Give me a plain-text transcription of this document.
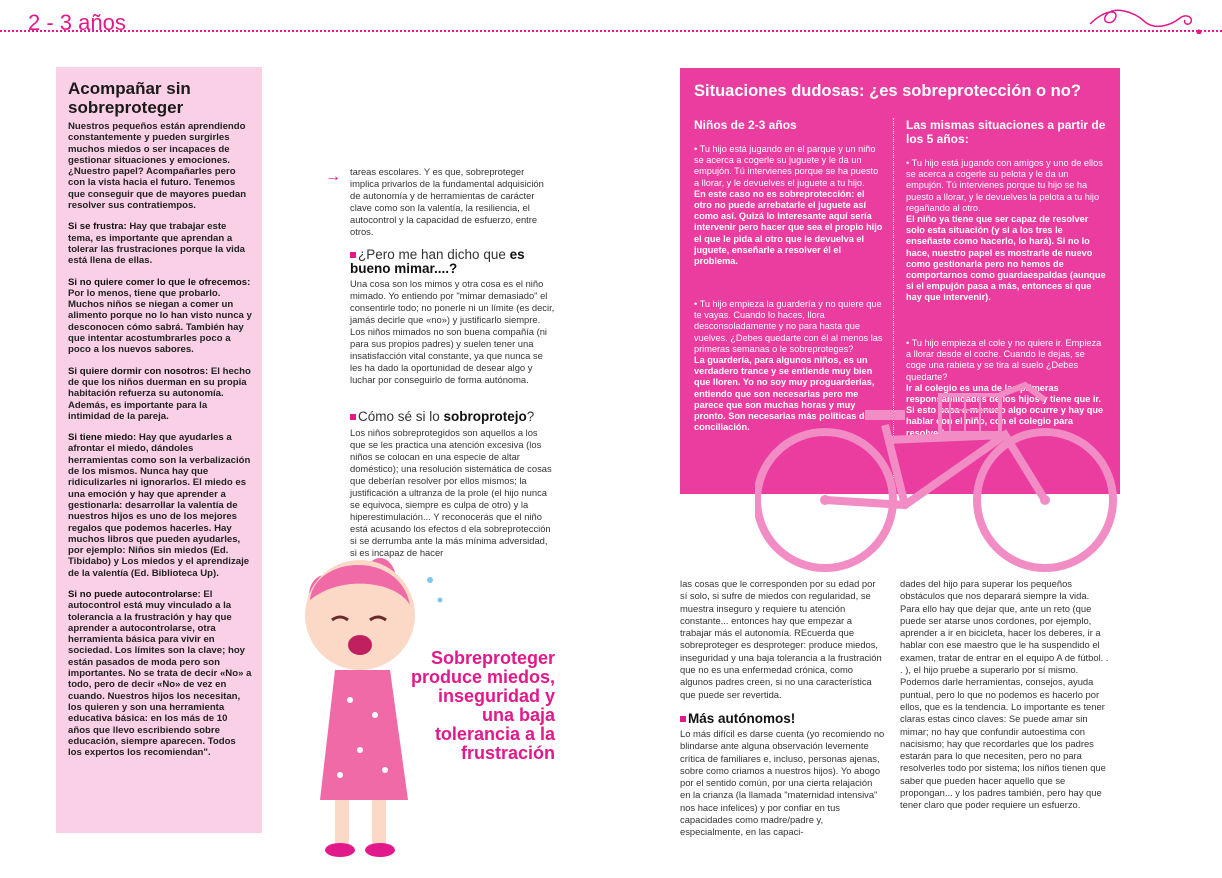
2 - 3 años
Acompañar sin sobreproteger

Nuestros pequeños están aprendiendo constantemente y pueden surgirles muchos miedos o ser incapaces de gestionar situaciones y emociones. ¿Nuestro papel? Acompañarles pero con la vista hacia el futuro. Tenemos que conseguir que de mayores puedan resolver sus contratiempos.

Si se frustra: Hay que trabajar este tema, es importante que aprendan a tolerar las frustraciones porque la vida está llena de ellas.

Si no quiere comer lo que le ofrecemos: Por lo menos, tiene que probarlo. Muchos niños se niegan a comer un alimento porque no lo han visto nunca y desconocen cómo sabrá. También hay que intentar acostumbrarles poco a poco a los nuevos sabores.

Si quiere dormir con nosotros: El hecho de que los niños duerman en su propia habitación refuerza su autonomía. Además, es importante para la intimidad de la pareja.

Si tiene miedo: Hay que ayudarles a afrontar el miedo, dándoles herramientas como son la verbalización de los mismos. Nunca hay que ridiculizarles ni ignorarlos. El miedo es una emoción y hay que aprender a gestionarla: desarrollar la valentía de nuestros hijos es uno de los mejores regalos que podemos hacerles. Hay muchos libros que pueden ayudarles, por ejemplo: Niños sin miedos (Ed. Tibidabo) y Los miedos y el aprendizaje de la valentía (Ed. Biblioteca Up).

Si no puede autocontrolarse: El autocontrol está muy vinculado a la tolerancia a la frustración y hay que aprender a autocontrolarse, otra herramienta básica para vivir en sociedad. Los límites son la clave; hoy están pasados de moda pero son importantes. No se trata de decir «No» a todo, pero de decir «No» de vez en cuando. Nuestros hijos los necesitan, los quieren y son una herramienta educativa básica: en los más de 10 años que llevo escribiendo sobre educación, siempre aparecen. Todos los expertos los recomiendan".

→ tareas escolares. Y es que, sobreproteger implica privarlos de la fundamental adquisición de autonomía y de herramientas de carácter clave como son la valentía, la resiliencia, el autocontrol y la capacidad de esfuerzo, entre otros.
¿Pero me han dicho que es bueno mimar....?
Una cosa son los mimos y otra cosa es el niño mimado. Yo entiendo por "mimar demasiado" el consentirle todo; no ponerle ni un límite (es decir, jamás decirle que «no») y justificarlo siempre. Los niños mimados no son buena compañía (ni para sus propios padres) y suelen tener una insatisfacción vital constante, ya que nunca se les ha dado la oportunidad de desear algo y luchar por conseguirlo de forma autónoma.
Cómo sé si lo sobroprotejo?
Los niños sobreprotegidos son aquellos a los que se les practica una atención excesiva (los niños se colocan en una especie de altar doméstico); una resolución sistemática de cosas que deberían resolver por ellos mismos; la justificación a ultranza de la prole (el hijo nunca se equivoca, siempre es culpa de otro) y la hiperestimulación... Y reconocerás que el niño está acusando los efectos d ela sobreprotección si se derrumba ante la más mínima adversidad, si es incapaz de hacer
Sobreproteger produce miedos, inseguridad y una baja tolerancia a la frustración
Situaciones dudosas: ¿es sobreprotección o no?
Niños de 2-3 años	Las mismas situaciones a partir de los 5 años:
• Tu hijo está jugando en el parque y un niño se acerca a cogerle su juguete y le da un empujón. Tú intervienes porque se ha puesto a llorar, y le devuelves el juguete a tu hijo.
En este caso no es sobreprotección: el otro no puede arrebatarle el juguete así como así. Quizá lo interesante aquí sería intervenir pero hacer que sea el propio hijo el que le pida al otro que le devuelva el juguete, enseñarle a resolver él el problema.
• Tu hijo empieza la guardería y no quiere que te vayas. Cuando lo haces, llora desconsoladamente y no para hasta que vuelves. ¿Debes quedarte con él al menos las primeras semanas o le sobreproteges?
La guardería, para algunos niños, es un verdadero trance y se entiende muy bien que lloren. Yo no soy muy proguarderías, entiendo que son necesarias pero me parece que son muchas horas y muy pronto. Son necesarias más políticas de conciliación.
• Tu hijo está jugando con amigos y uno de ellos se acerca a cogerle su pelota y le da un empujón. Tú intervienes porque tu hijo se ha puesto a llorar, y le devuelves la pelota a tu hijo regañando al otro.
El niño ya tiene que ser capaz de resolver solo esta situación (y si a los tres le enseñaste como hacerlo, lo hará). Si no lo hace, nuestro papel es mostrarle de nuevo como gestionarla pero no hemos de comportarnos como guardaespaldas (aunque si el empujón pasa a más, entonces sí que hay que intervenir).
• Tu hijo empieza el cole y no quiere ir. Empieza a llorar desde el coche. Cuando le dejas, se coge una rabieta y se tira al suelo ¿Debes quedarte?
Ir al colegio es una de las primeras responsabilidades de los hijos y tiene que ir. Si esto pasa a menudo algo ocurre y hay que hablar con el niño, con el colegio para resolverlo.
las cosas que le corresponden por su edad por sí solo, si sufre de miedos con regularidad, se muestra inseguro y requiere tu atención constante... entonces hay que empezar a trabajar más el autonomía. REcuerda que sobreproteger es desproteger: produce miedos, inseguridad y una baja tolerancia a la frustración que no es una enfermedad crónica, como algunos padres creen, si no una característica que puede ser revertida.
Más autónomos!
Lo más difícil es darse cuenta (yo recomiendo no blindarse ante alguna observación levemente crítica de familiares e, incluso, personas ajenas, sobre como criamos a nuestros hijos). Yo abogo por el sentido común, por una cierta relajación en la crianza (la llamada "maternidad intensiva" nos hace infelices) y por confiar en tus capacidades como madre/padre y, especialmente, en las capaci-
dades del hijo para superar los pequeños obstáculos que nos deparará siempre la vida. Para ello hay que dejar que, ante un reto (que puede ser atarse unos cordones, por ejemplo, aprender a ir en bicicleta, hacer los deberes, ir a hablar con ese maestro que le ha suspendido el examen, tratar de entrar en el equipo A de fútbol. . . ), el hijo pruebe a superarlo por sí mismo. Podemos darle herramientas, consejos, ayuda puntual, pero lo que no podemos es hacerlo por ellos, que es la tendencia. Lo importante es tener claras estas cinco claves: Se puede amar sin mimar; no hay que confundir autoestima con nacisismo; hay que recordarles que los padres estarán para lo que necesiten, pero no para resolverles todo por sistema; los niños tienen que saber que pueden hacer aquello que se propongan... y los padres también, pero hay que tener claro que poder requiere un esfuerzo.
